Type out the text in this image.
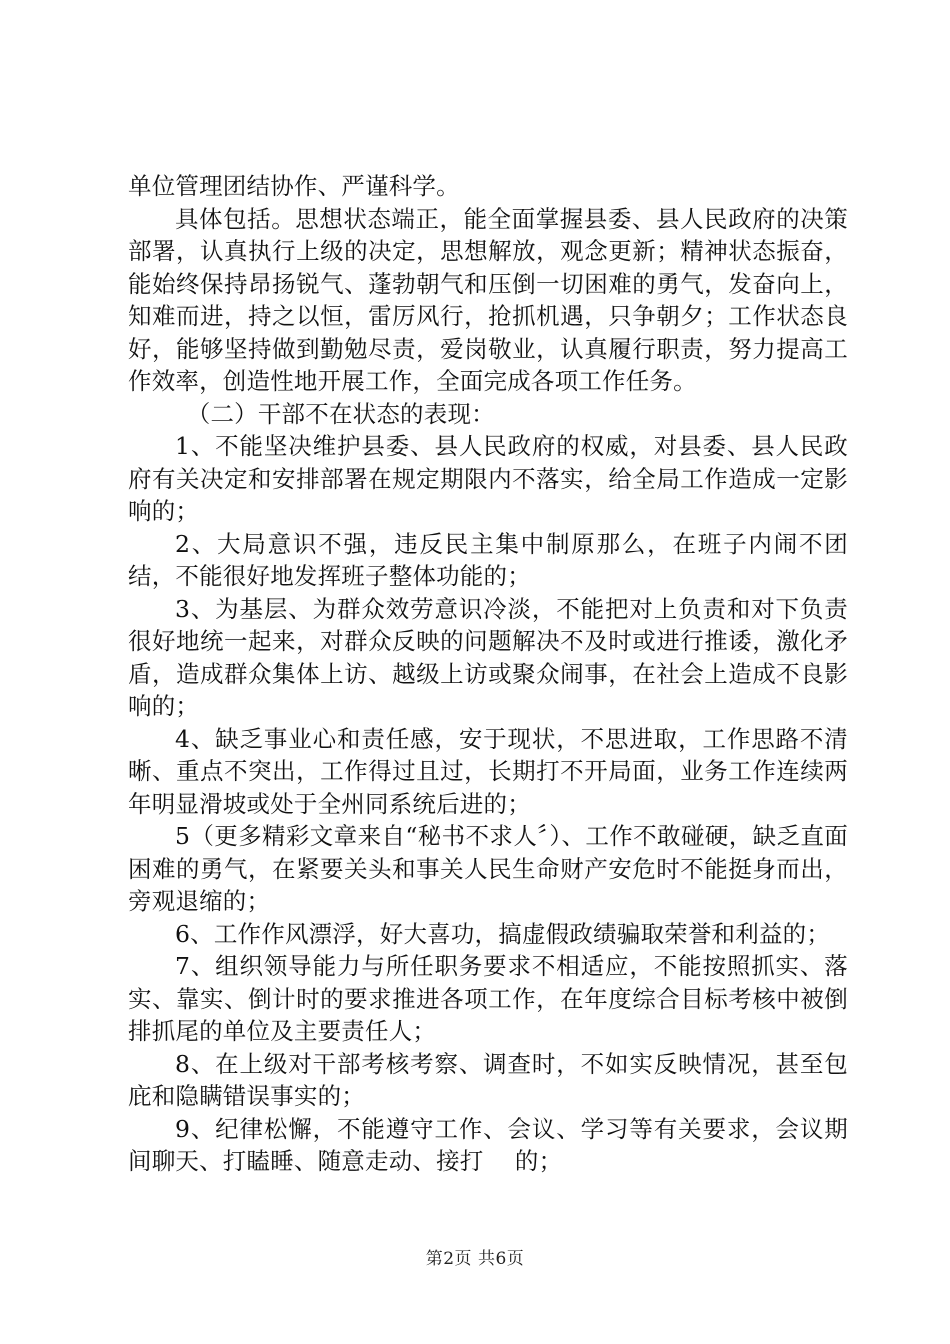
单位管理团结协作、严谨科学。

具体包括。思想状态端正，能全面掌握县委、县人民政府的决策部署，认真执行上级的决定，思想解放，观念更新；精神状态振奋，能始终保持昂扬锐气、蓬勃朝气和压倒一切困难的勇气，发奋向上，知难而进，持之以恒，雷厉风行，抢抓机遇，只争朝夕；工作状态良好，能够坚持做到勤勉尽责，爱岗敬业，认真履行职责，努力提高工作效率，创造性地开展工作，全面完成各项工作任务。

（二）干部不在状态的表现：

1、不能坚决维护县委、县人民政府的权威，对县委、县人民政府有关决定和安排部署在规定期限内不落实，给全局工作造成一定影响的；

2、大局意识不强，违反民主集中制原那么，在班子内闹不团结，不能很好地发挥班子整体功能的；

3、为基层、为群众效劳意识冷淡，不能把对上负责和对下负责很好地统一起来，对群众反映的问题解决不及时或进行推诿，激化矛盾，造成群众集体上访、越级上访或聚众闹事，在社会上造成不良影响的；

4、缺乏事业心和责任感，安于现状，不思进取，工作思路不清晰、重点不突出，工作得过且过，长期打不开局面，业务工作连续两年明显滑坡或处于全州同系统后进的；

5（更多精彩文章来自“秘书不求人〞）、工作不敢碰硬，缺乏直面困难的勇气，在紧要关头和事关人民生命财产安危时不能挺身而出，旁观退缩的；

6、工作作风漂浮，好大喜功，搞虚假政绩骗取荣誉和利益的；

7、组织领导能力与所任职务要求不相适应，不能按照抓实、落实、靠实、倒计时的要求推进各项工作，在年度综合目标考核中被倒排抓尾的单位及主要责任人；

8、在上级对干部考核考察、调查时，不如实反映情况，甚至包庇和隐瞒错误事实的；

9、纪律松懈，不能遵守工作、会议、学习等有关要求，会议期间聊天、打瞌睡、随意走动、接打　 的；

第2页 共6页
